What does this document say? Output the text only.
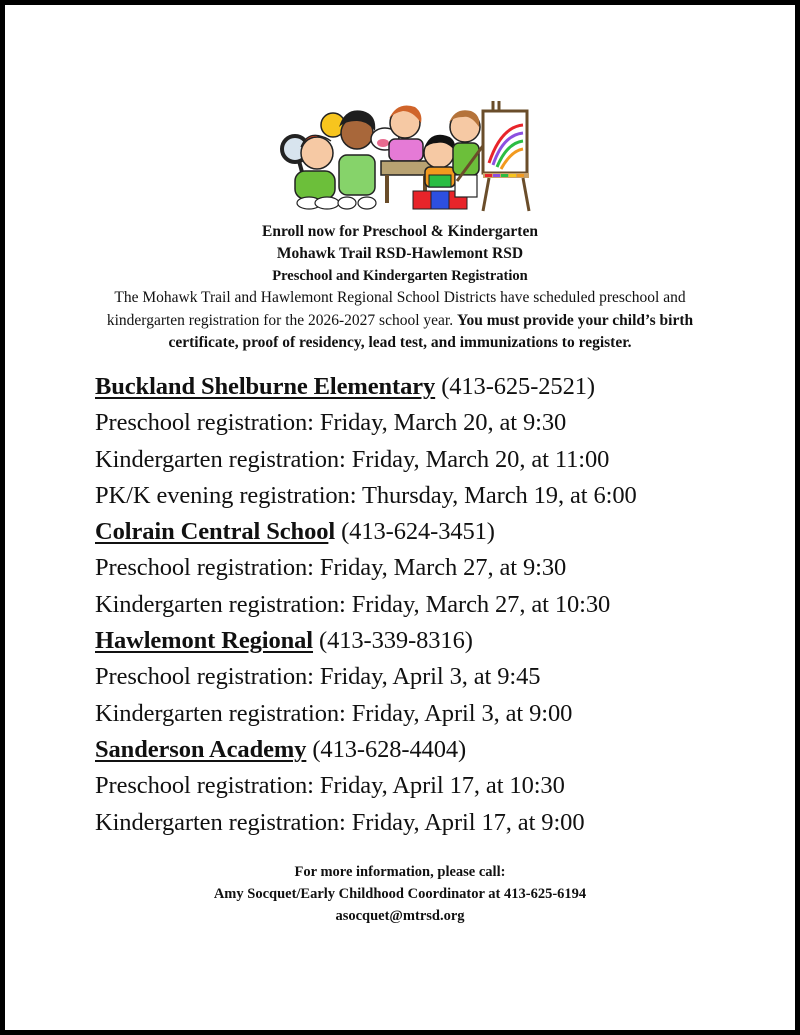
Enroll now for Preschool & Kindergarten
Mohawk Trail RSD-Hawlemont RSD
Preschool and Kindergarten Registration
The Mohawk Trail and Hawlemont Regional School Districts have scheduled preschool and kindergarten registration for the 2026-2027 school year. You must provide your child’s birth certificate, proof of residency, lead test, and immunizations to register.
Buckland Shelburne Elementary (413-625-2521)
Preschool registration: Friday, March 20, at 9:30
Kindergarten registration: Friday, March 20, at 11:00
PK/K evening registration: Thursday, March 19, at 6:00
Colrain Central School (413-624-3451)
Preschool registration: Friday, March 27, at 9:30
Kindergarten registration: Friday, March 27, at 10:30
Hawlemont Regional (413-339-8316)
Preschool registration: Friday, April 3, at 9:45
Kindergarten registration: Friday, April 3, at 9:00
Sanderson Academy (413-628-4404)
Preschool registration: Friday, April 17, at 10:30
Kindergarten registration: Friday, April 17, at 9:00
For more information, please call:
Amy Socquet/Early Childhood Coordinator at 413-625-6194
asocquet@mtrsd.org
